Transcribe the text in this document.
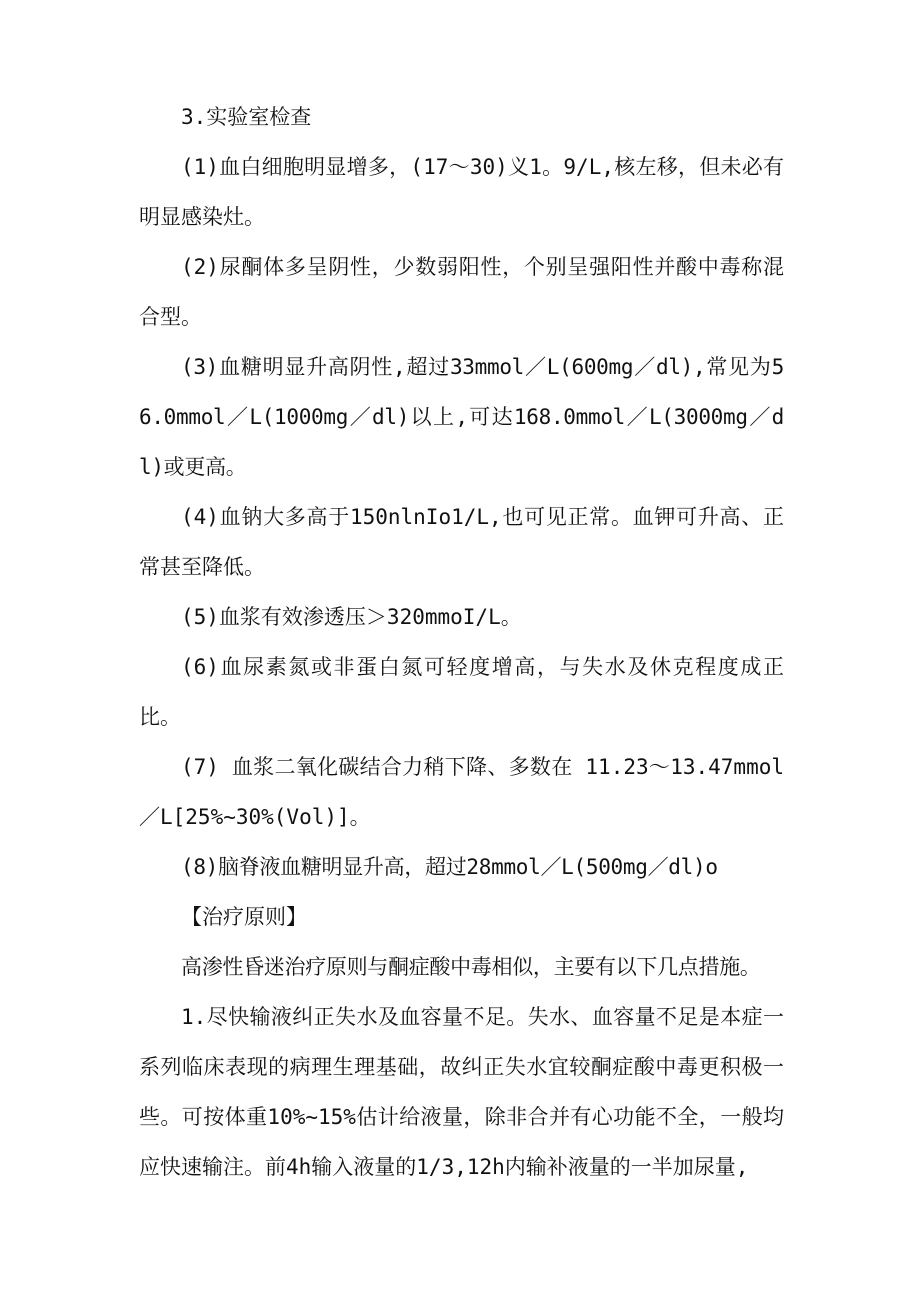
3.实验室检查

(1)血白细胞明显增多，(17～30)义1。9/L,核左移，但未必有明显感染灶。

(2)尿酮体多呈阴性，少数弱阳性，个别呈强阳性并酸中毒称混合型。

(3)血糖明显升高阴性,超过33mmol／L(600mg／dl),常见为56.0mmol／L(1000mg／dl)以上,可达168.0mmol／L(3000mg／dl)或更高。

(4)血钠大多高于150nlnIo1/L,也可见正常。血钾可升高、正常甚至降低。

(5)血浆有效渗透压＞320mmoI/L。

(6)血尿素氮或非蛋白氮可轻度增高，与失水及休克程度成正比。

(7) 血浆二氧化碳结合力稍下降、多数在 11.23～13.47mmol／L[25%~30%(Vol)]。

(8)脑脊液血糖明显升高，超过28mmol／L(500mg／dl)o

【治疗原则】

高渗性昏迷治疗原则与酮症酸中毒相似，主要有以下几点措施。

1.尽快输液纠正失水及血容量不足。失水、血容量不足是本症一系列临床表现的病理生理基础，故纠正失水宜较酮症酸中毒更积极一些。可按体重10%~15%估计给液量，除非合并有心功能不全，一般均应快速输注。前4h输入液量的1/3,12h内输补液量的一半加尿量,
